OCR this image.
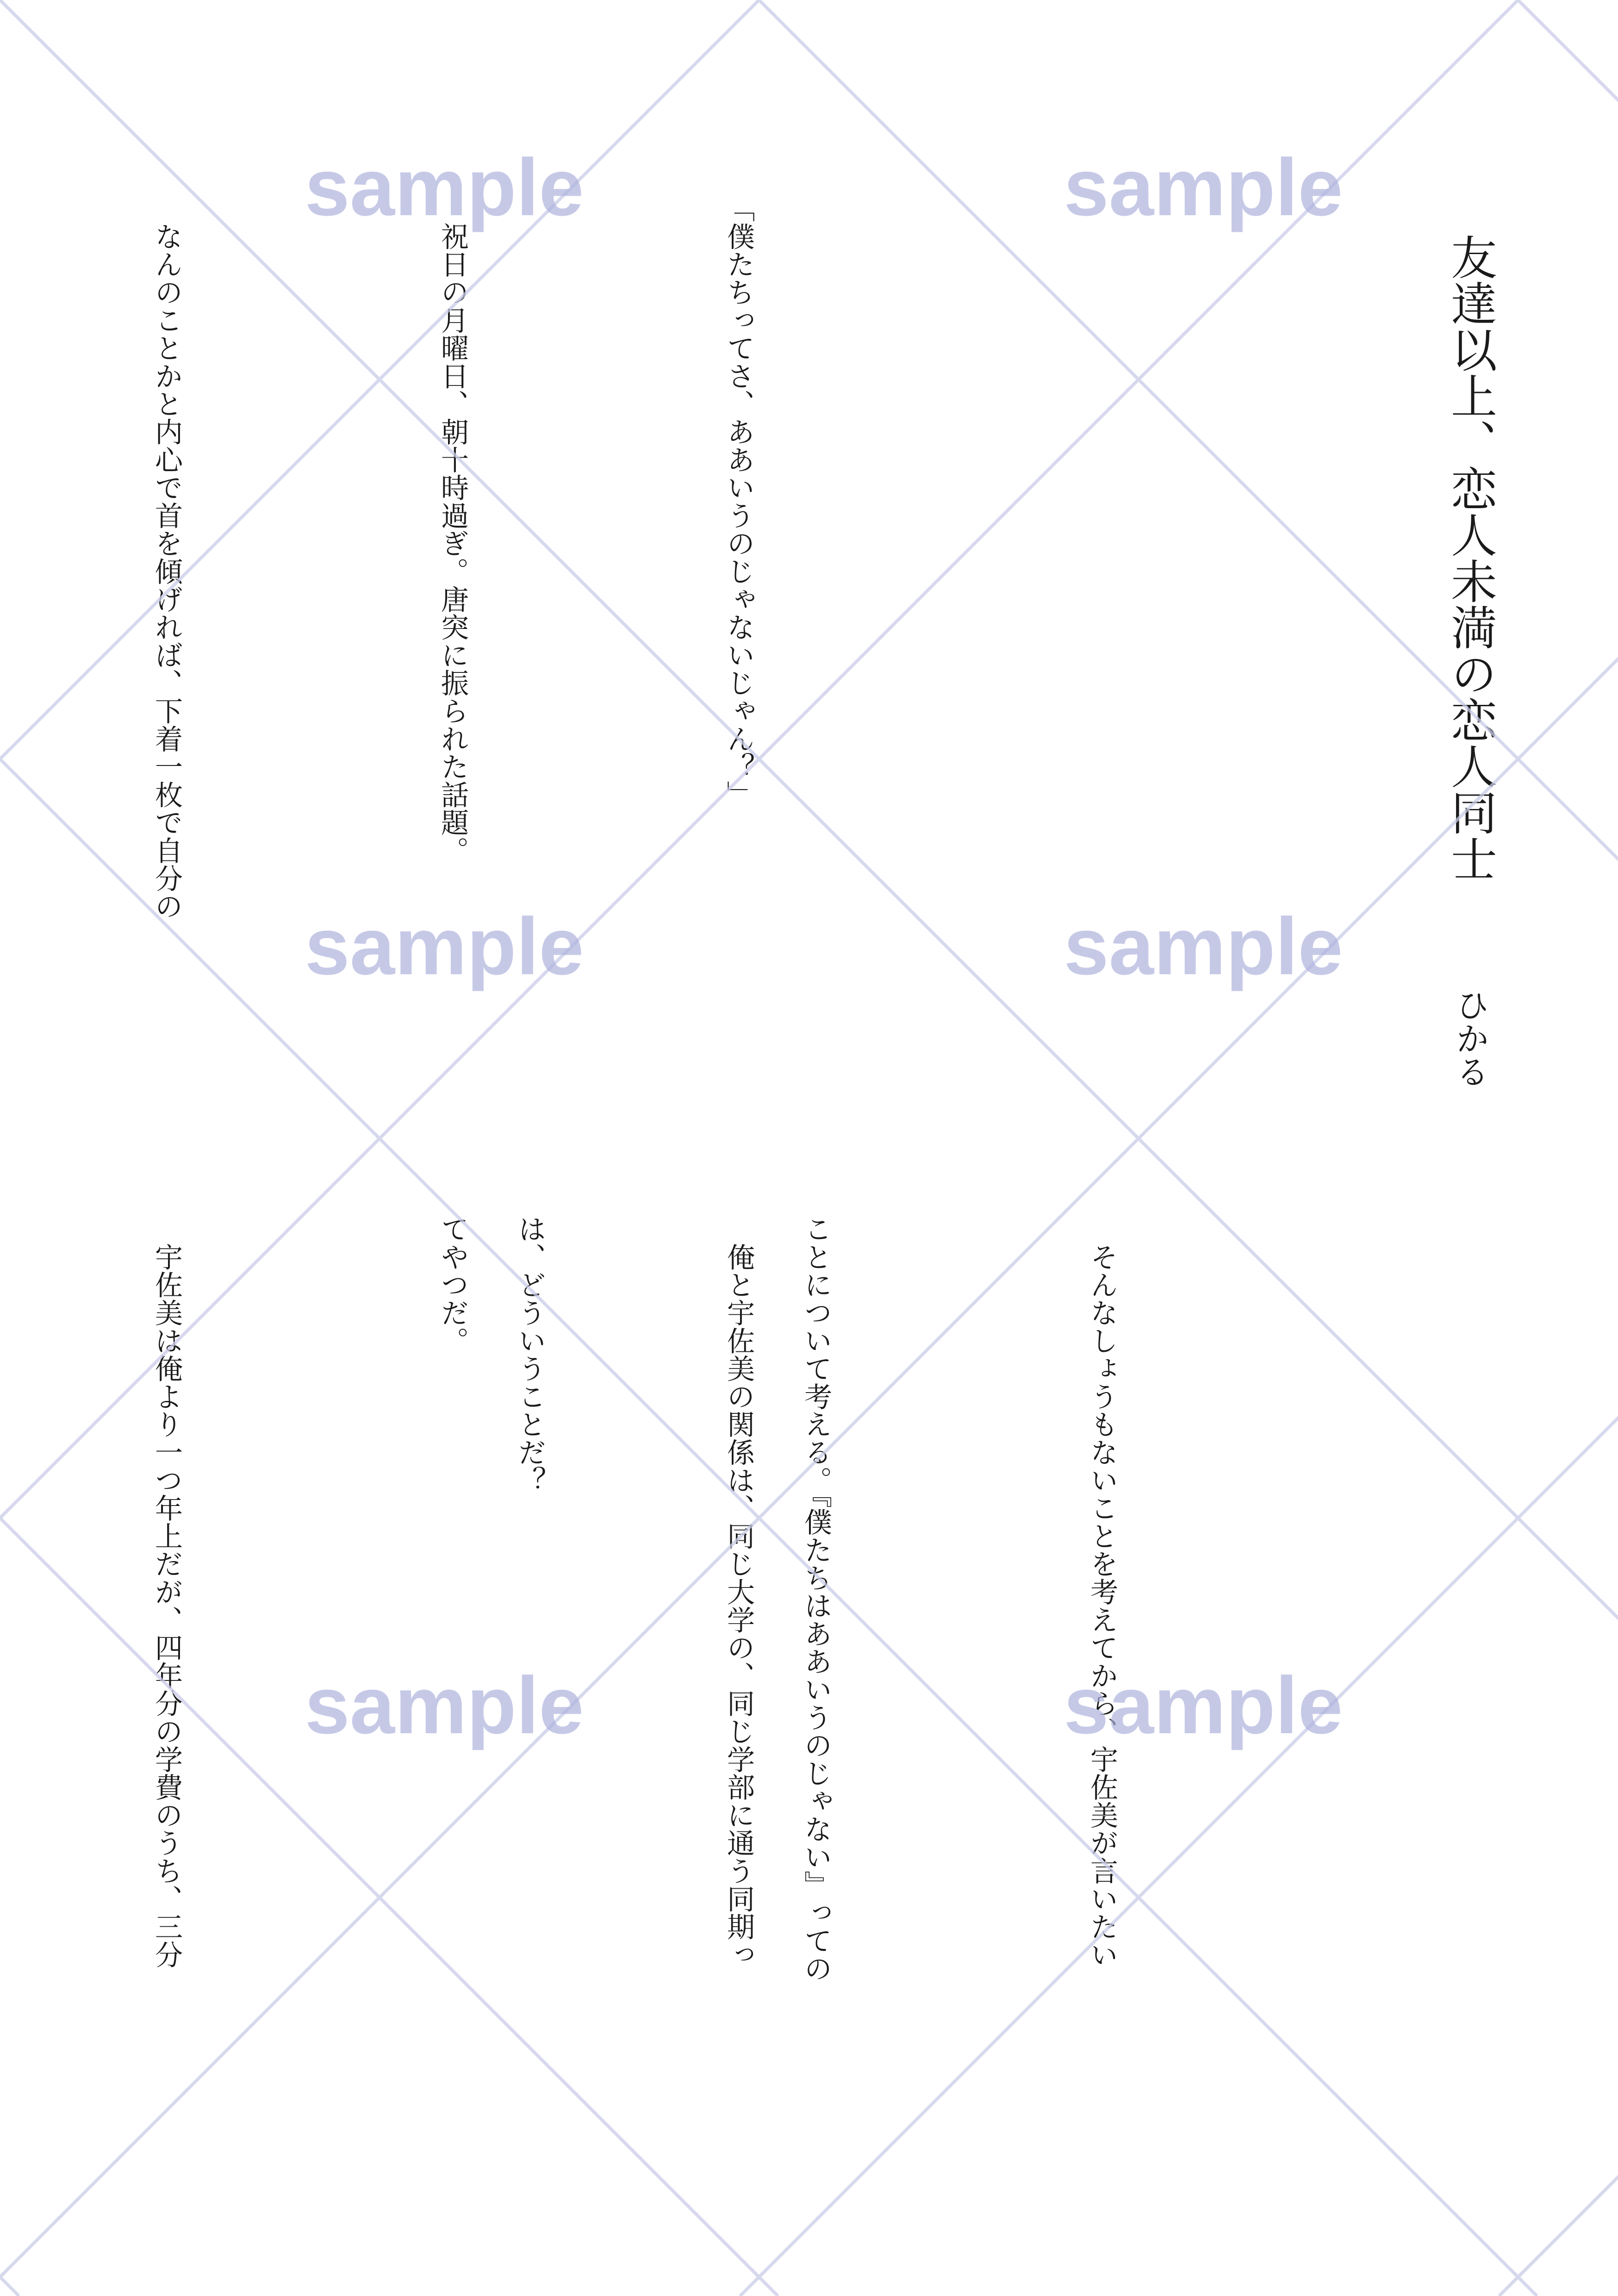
友達以上、恋人未満の恋人同士
ひかる

「僕たちってさ、ああいうのじゃないじゃん？」

　祝日の月曜日、朝十時過ぎ。唐突に振られた話題。

　なんのことかと内心で首を傾げれば、下着一枚で自分の

　そんなしょうもないことを考えてから、宇佐美が言いたい

ことについて考える。『僕たちはああいうのじゃない』っての

は、どういうことだ？

	　俺と宇佐美の関係は、同じ大学の、同じ学部に通う同期っ

てやつだ。

　宇佐美は俺より一つ年上だが、四年分の学費のうち、三分

sample	sample
sample	sample
sample	sample
